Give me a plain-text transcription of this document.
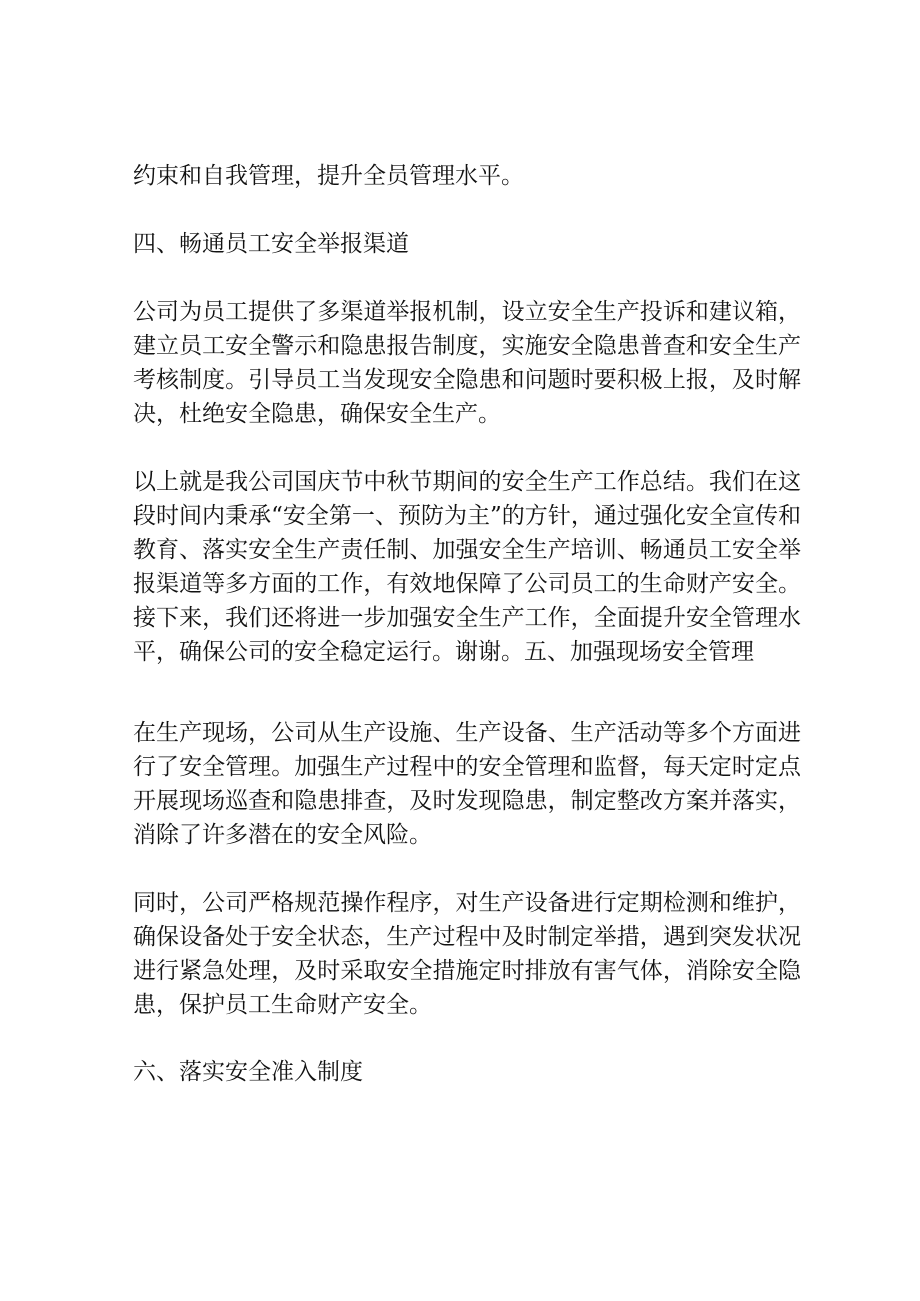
约束和自我管理，提升全员管理水平。

四、畅通员工安全举报渠道

公司为员工提供了多渠道举报机制，设立安全生产投诉和建议箱，建立员工安全警示和隐患报告制度，实施安全隐患普查和安全生产考核制度。引导员工当发现安全隐患和问题时要积极上报，及时解决，杜绝安全隐患，确保安全生产。

以上就是我公司国庆节中秋节期间的安全生产工作总结。我们在这段时间内秉承“安全第一、预防为主”的方针，通过强化安全宣传和教育、落实安全生产责任制、加强安全生产培训、畅通员工安全举报渠道等多方面的工作，有效地保障了公司员工的生命财产安全。接下来，我们还将进一步加强安全生产工作，全面提升安全管理水平，确保公司的安全稳定运行。谢谢。五、加强现场安全管理

在生产现场，公司从生产设施、生产设备、生产活动等多个方面进行了安全管理。加强生产过程中的安全管理和监督，每天定时定点开展现场巡查和隐患排查，及时发现隐患，制定整改方案并落实，消除了许多潜在的安全风险。

同时，公司严格规范操作程序，对生产设备进行定期检测和维护，确保设备处于安全状态，生产过程中及时制定举措，遇到突发状况进行紧急处理，及时采取安全措施定时排放有害气体，消除安全隐患，保护员工生命财产安全。

六、落实安全准入制度
